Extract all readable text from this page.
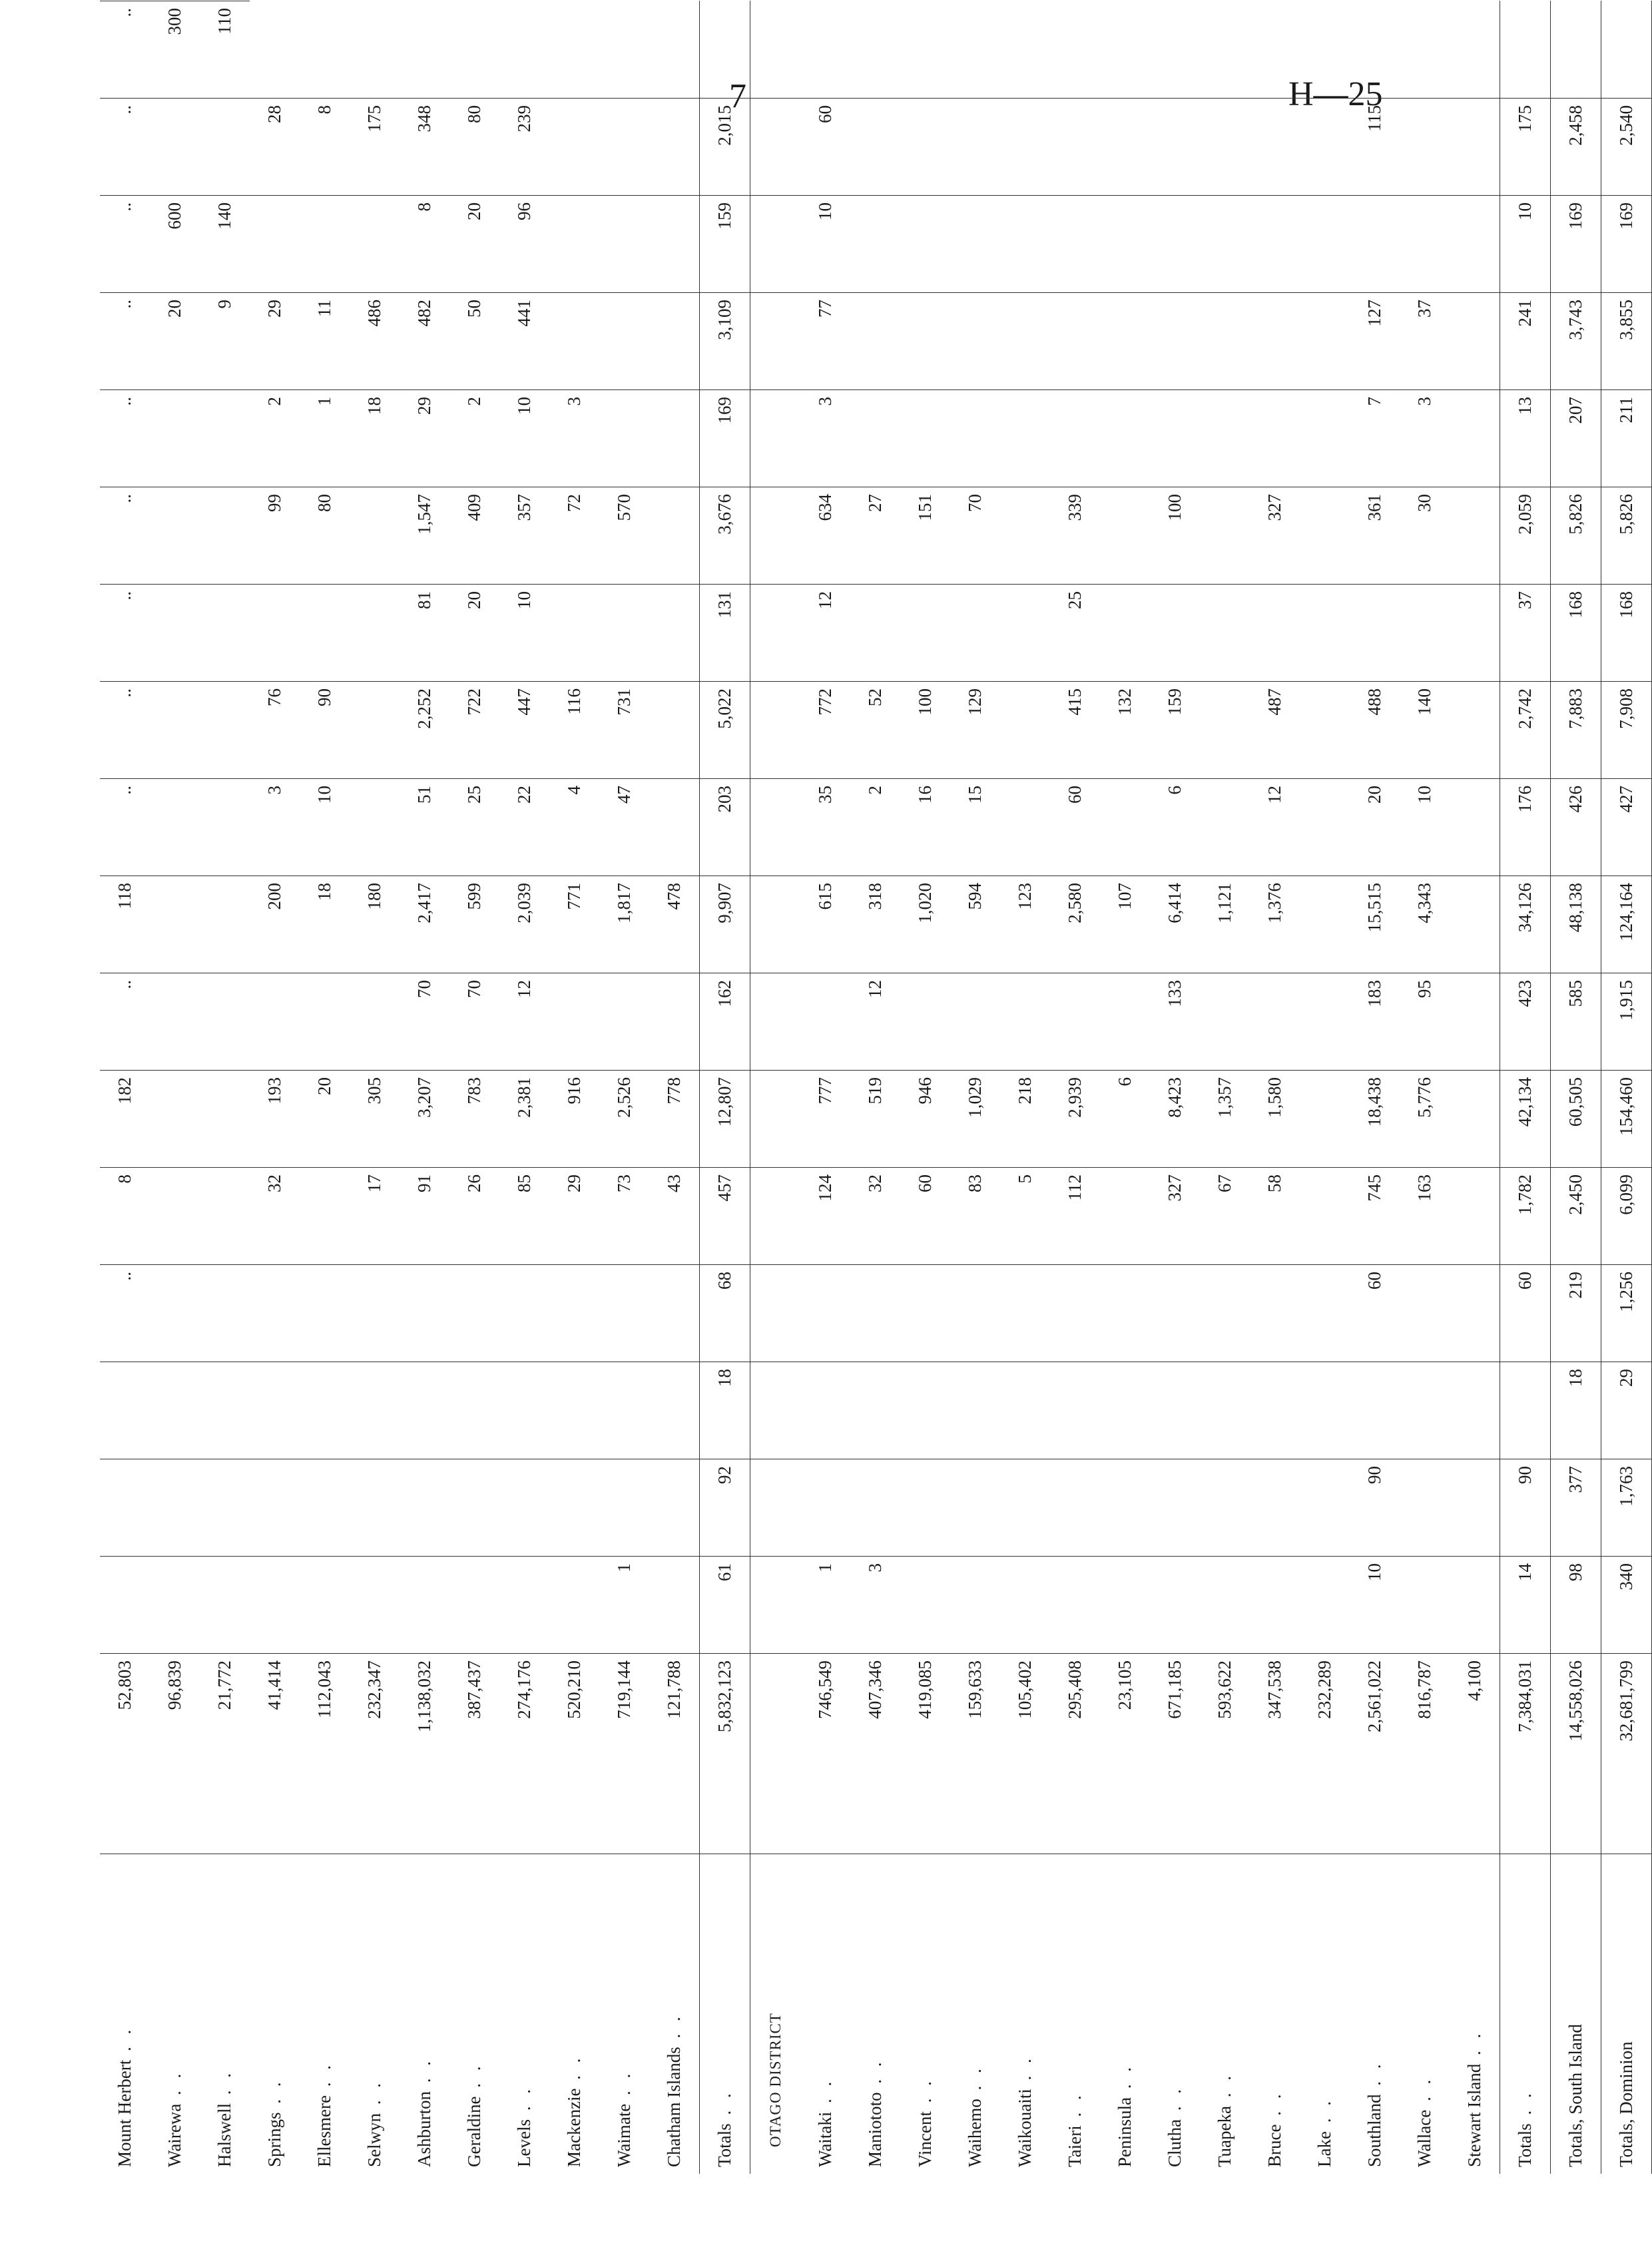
7	H—25
Mount Herbert . .	52,803				..	8	182	..	118	..	..	..	..	..	..	..	..	..	
Wairewa . .	96,839														20	600		300	
Halswell . .	21,772														9	140		110	
Springs . .	41,414					32	193		200	3	76		99	2	29		28		
Ellesmere . .	112,043						20		18	10	90		80	1	11		8		
Selwyn . .	232,347					17	305		180					18	486		175		
Ashburton . .	1,138,032					91	3,207	70	2,417	51	2,252	81	1,547	29	482	8	348		
Geraldine . .	387,437					26	783	70	599	25	722	20	409	2	50	20	80		
Levels . .	274,176					85	2,381	12	2,039	22	447	10	357	10	441	96	239		
Mackenzie . .	520,210					29	916		771	4	116		72	3					
Waimate . .	719,144	1				73	2,526		1,817	47	731		570						
Chatham Islands . .	121,788					43	778		478										
Totals . .	5,832,123	61	92	18	68	457	12,807	162	9,907	203	5,022	131	3,676	169	3,109	159	2,015		
OTAGO DISTRICT																			
Waitaki . .	746,549	1				124	777		615	35	772	12	634	3	77	10	60		
Maniototo . .	407,346	3				32	519	12	318	2	52		27						
Vincent . .	419,085					60	946		1,020	16	100		151						
Waihemo . .	159,633					83	1,029		594	15	129		70						
Waikouaiti . .	105,402					5	218		123										
Taieri . .	295,408					112	2,939		2,580	60	415	25	339						
Peninsula . .	23,105						6		107		132								
Clutha . .	671,185					327	8,423	133	6,414	6	159		100						
Tuapeka . .	593,622					67	1,357		1,121										
Bruce . .	347,538					58	1,580		1,376	12	487		327						
Lake . .	232,289																		
Southland . .	2,561,022	10	90		60	745	18,438	183	15,515	20	488		361	7	127		115		
Wallace . .	816,787					163	5,776	95	4,343	10	140		30	3	37				
Stewart Island . .	4,100																		
Totals . .	7,384,031	14	90		60	1,782	42,134	423	34,126	176	2,742	37	2,059	13	241	10	175		
Totals, South Island	14,558,026	98	377	18	219	2,450	60,505	585	48,138	426	7,883	168	5,826	207	3,743	169	2,458		
Totals, Dominion	32,681,799	340	1,763	29	1,256	6,099	154,460	1,915	124,164	427	7,908	168	5,826	211	3,855	169	2,540		
